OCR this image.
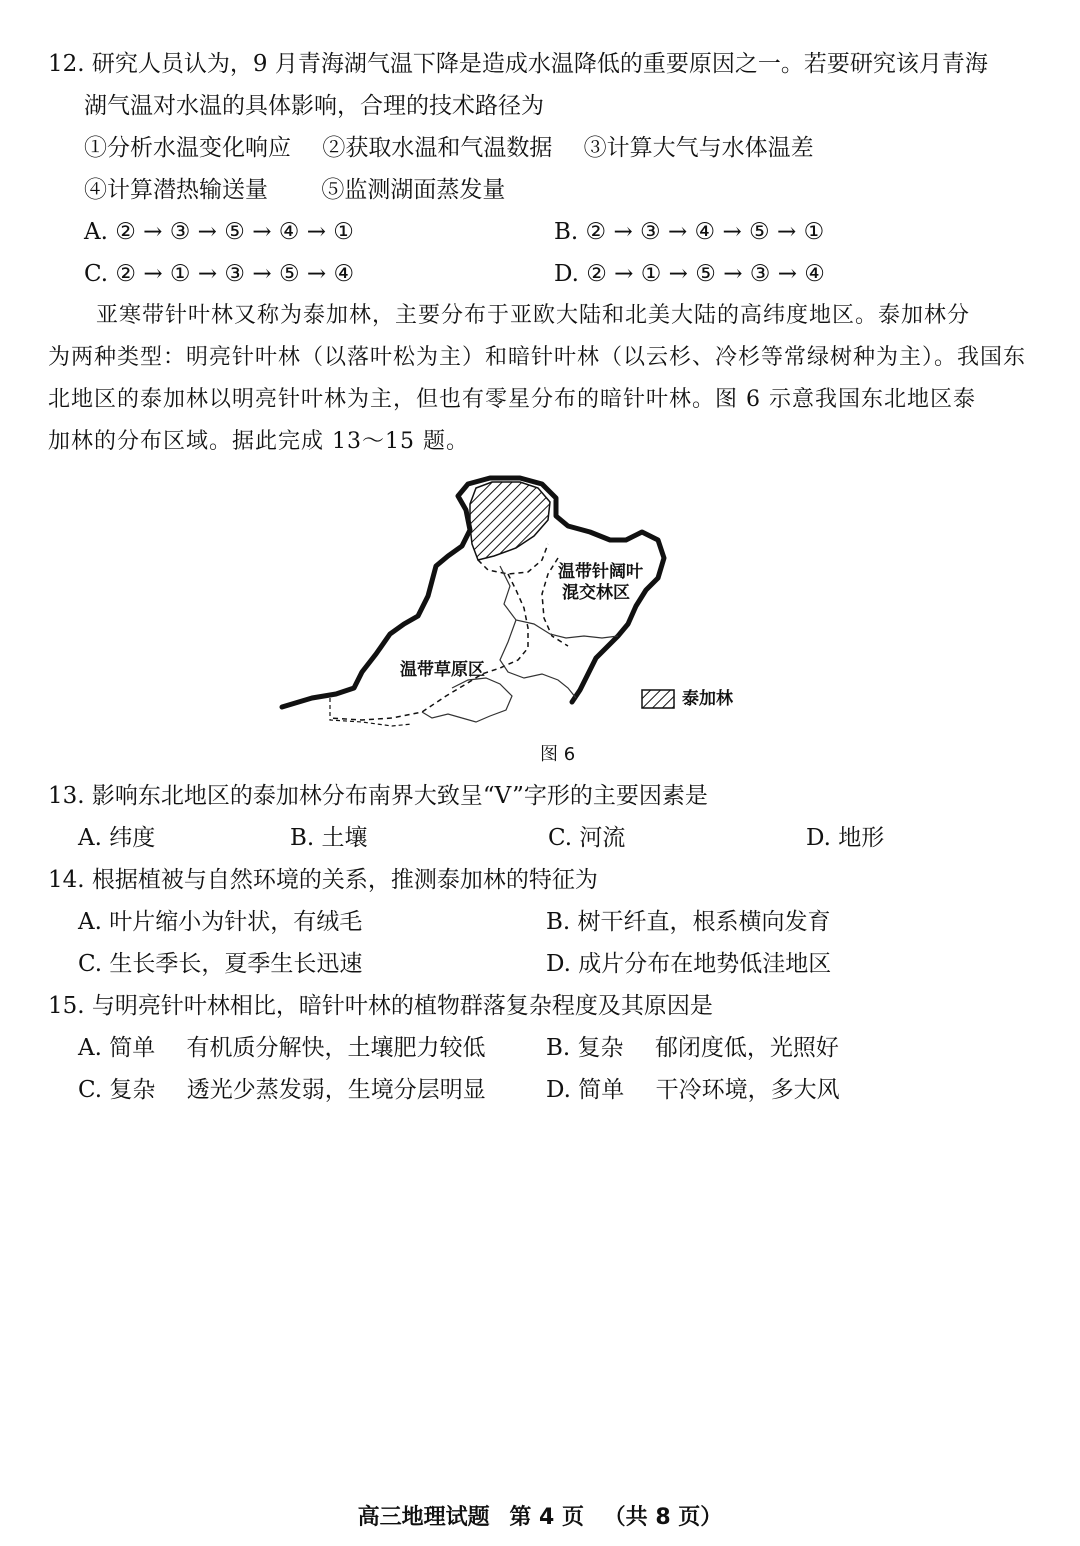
12. 研究人员认为，9 月青海湖气温下降是造成水温降低的重要原因之一。若要研究该月青海
湖气温对水温的具体影响，合理的技术路径为
①分析水温变化响应 ②获取水温和气温数据 ③计算大气与水体温差
④计算潜热输送量 ⑤监测湖面蒸发量
A. ② → ③ → ⑤ → ④ → ①	B. ② → ③ → ④ → ⑤ → ①
C. ② → ① → ③ → ⑤ → ④	D. ② → ① → ⑤ → ③ → ④
亚寒带针叶林又称为泰加林，主要分布于亚欧大陆和北美大陆的高纬度地区。泰加林分
为两种类型：明亮针叶林（以落叶松为主）和暗针叶林（以云杉、冷杉等常绿树种为主）。我国东
北地区的泰加林以明亮针叶林为主，但也有零星分布的暗针叶林。图 6 示意我国东北地区泰
加林的分布区域。据此完成 13～15 题。
温带针阔叶
混交林区
温带草原区
泰加林
图 6
13. 影响东北地区的泰加林分布南界大致呈“V”字形的主要因素是
A. 纬度	B. 土壤	C. 河流	D. 地形
14. 根据植被与自然环境的关系，推测泰加林的特征为
A. 叶片缩小为针状，有绒毛	B. 树干纤直，根系横向发育
C. 生长季长，夏季生长迅速	D. 成片分布在地势低洼地区
15. 与明亮针叶林相比，暗针叶林的植物群落复杂程度及其原因是
A. 简单 有机质分解快，土壤肥力较低	B. 复杂 郁闭度低，光照好
C. 复杂 透光少蒸发弱，生境分层明显	D. 简单 干冷环境，多大风
高三地理试题 第 4 页 （共 8 页）
